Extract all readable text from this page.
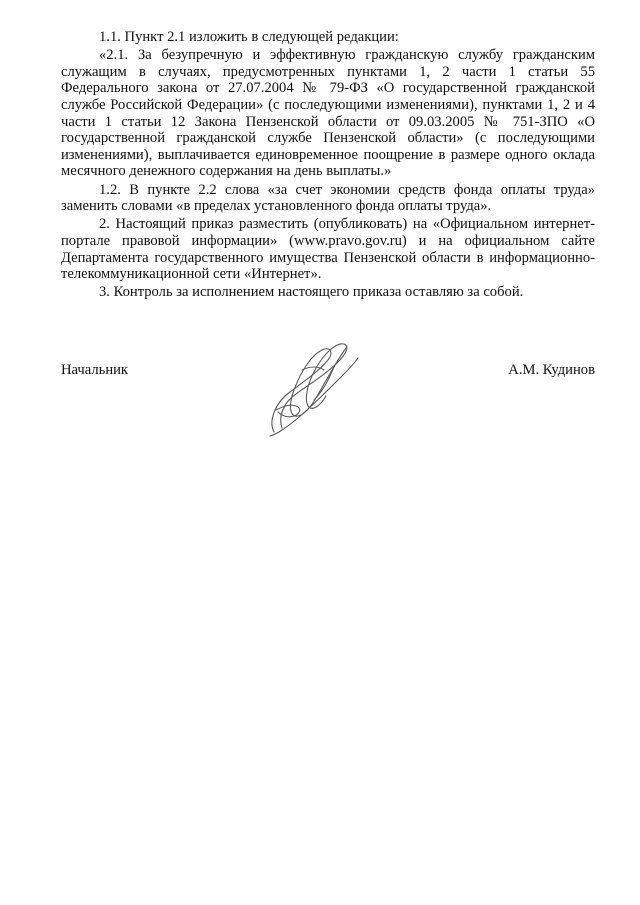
1.1. Пункт 2.1 изложить в следующей редакции:

«2.1. За безупречную и эффективную гражданскую службу гражданским служащим в случаях, предусмотренных пунктами 1, 2 части 1 статьи 55 Федерального закона от 27.07.2004 № 79-ФЗ «О государственной гражданской службе Российской Федерации» (с последующими изменениями), пунктами 1, 2 и 4 части 1 статьи 12 Закона Пензенской области от 09.03.2005 № 751-ЗПО «О государственной гражданской службе Пензенской области» (с последующими изменениями), выплачивается единовременное поощрение в размере одного оклада месячного денежного содержания на день выплаты.»

1.2. В пункте 2.2 слова «за счет экономии средств фонда оплаты труда» заменить словами «в пределах установленного фонда оплаты труда».

2. Настоящий приказ разместить (опубликовать) на «Официальном интернет-портале правовой информации» (www.pravo.gov.ru) и на официальном сайте Департамента государственного имущества Пензенской области в информационно-телекоммуникационной сети «Интернет».

3. Контроль за исполнением настоящего приказа оставляю за собой.

Начальник	А.М. Кудинов
